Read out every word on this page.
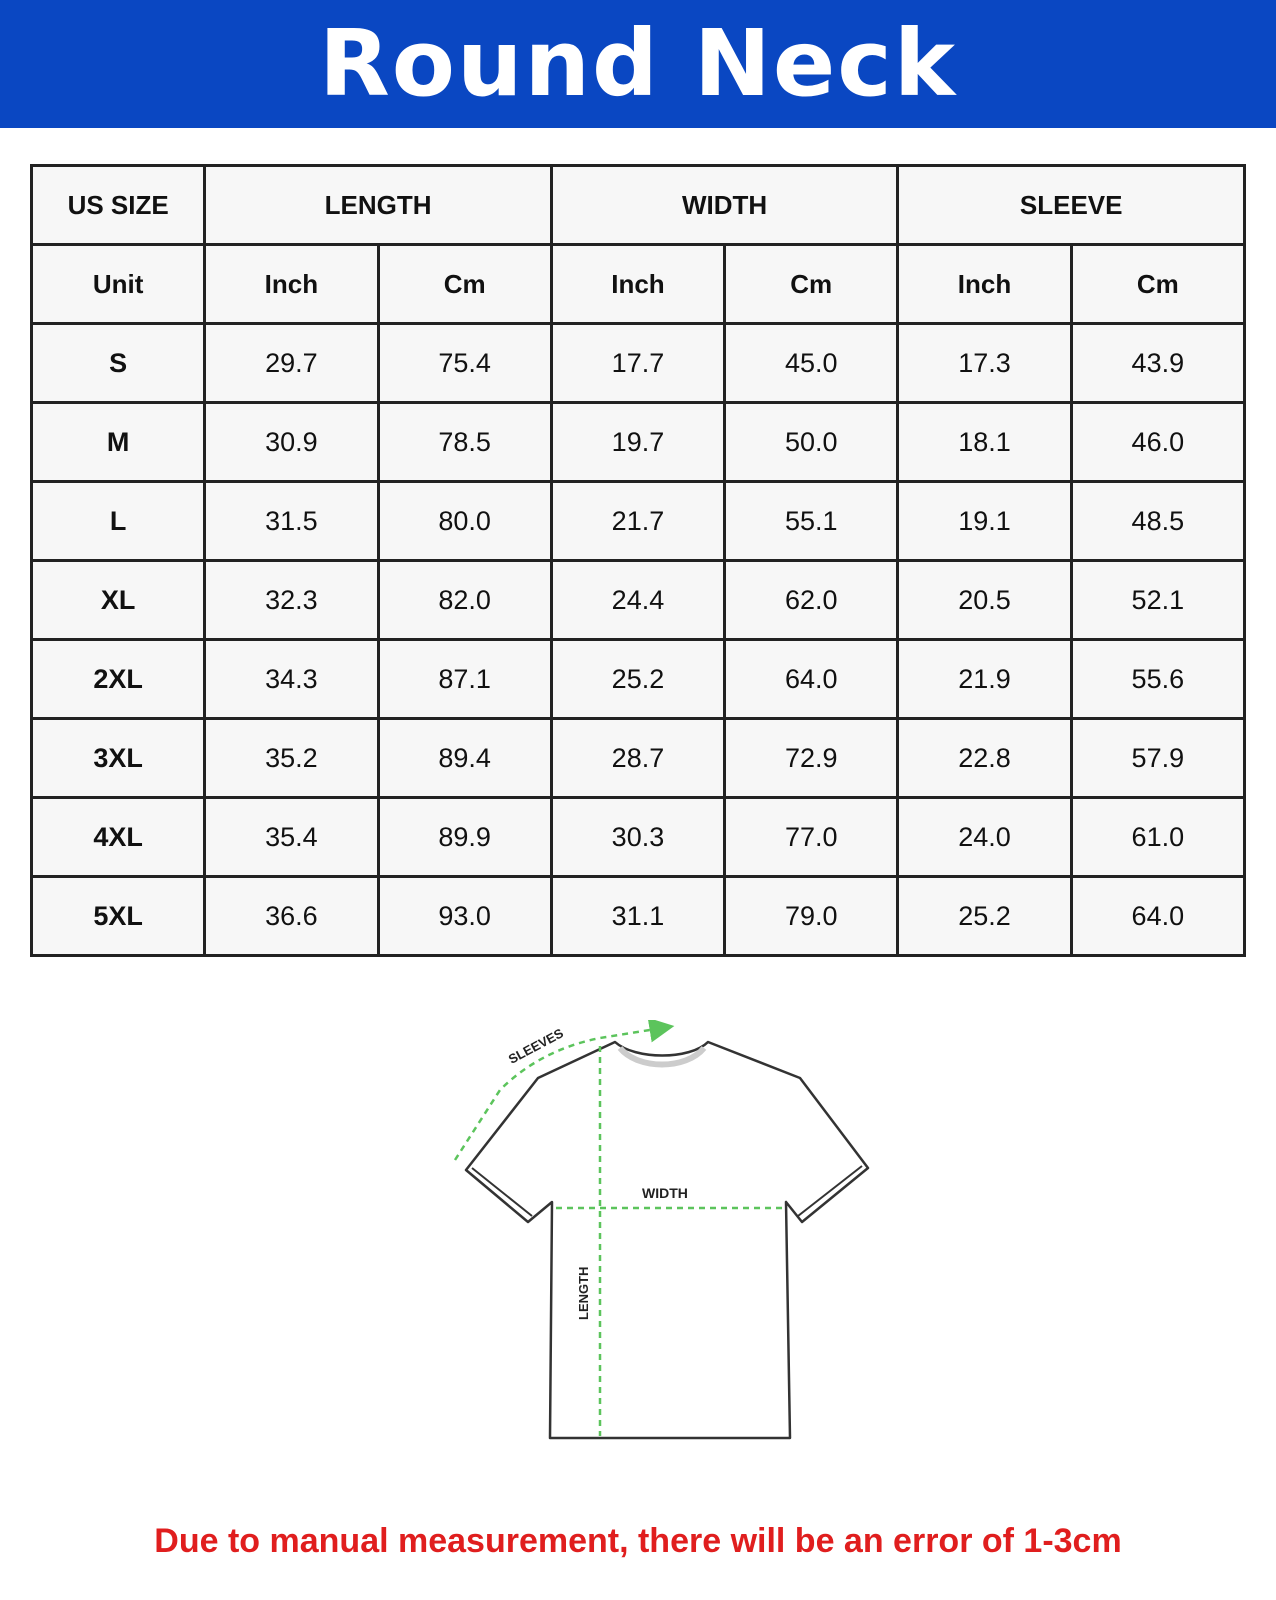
Round Neck
US SIZE	LENGTH		WIDTH		SLEEVE	
Unit	Inch	Cm	Inch	Cm	Inch	Cm
S	29.7	75.4	17.7	45.0	17.3	43.9
M	30.9	78.5	19.7	50.0	18.1	46.0
L	31.5	80.0	21.7	55.1	19.1	48.5
XL	32.3	82.0	24.4	62.0	20.5	52.1
2XL	34.3	87.1	25.2	64.0	21.9	55.6
3XL	35.2	89.4	28.7	72.9	22.8	57.9
4XL	35.4	89.9	30.3	77.0	24.0	61.0
5XL	36.6	93.0	31.1	79.0	25.2	64.0
SLEEVES
LENGTH
WIDTH
Due to manual measurement, there will be an error of 1-3cm
